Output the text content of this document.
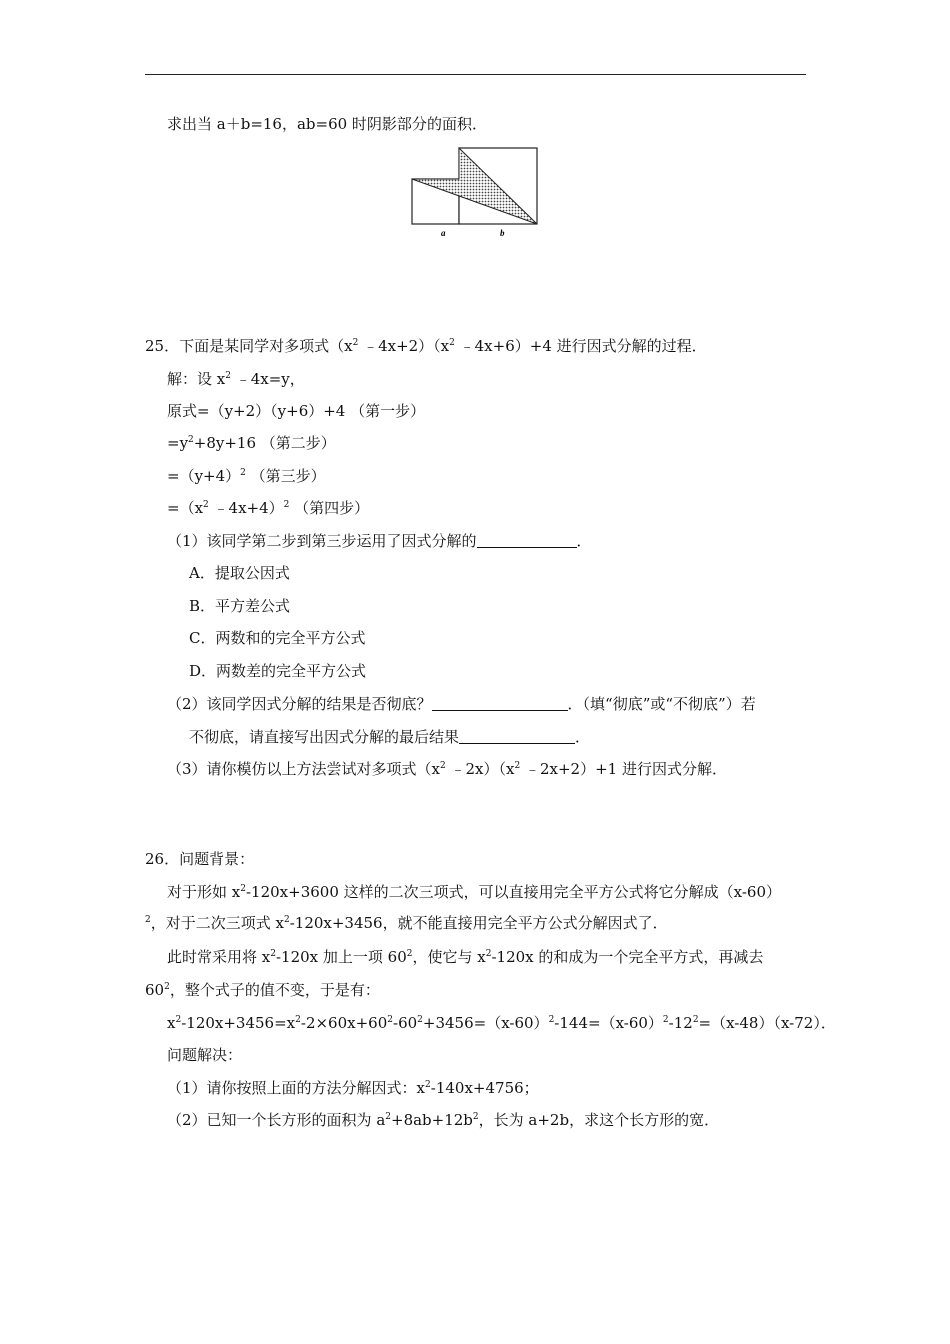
求出当 a＋b=16，ab=60 时阴影部分的面积．
a	b
25．下面是某同学对多项式（$x^2$ $﹣4x+2)(x^2$ ﹣4x+6）+4 进行因式分解的过程．
解：设 $x^2$ ﹣4x=y，
原式=（y+2）（y+6）+4 （第一步）
$=y^2+8y+16$ （第二步）
$=(y+4)^2$ （第三步）
$=(x^2$ ﹣4x+4）$^2$ （第四步）
（1）该同学第二步到第三步运用了因式分解的	．
A．提取公因式
B．平方差公式
C．两数和的完全平方公式
D．两数差的完全平方公式
（2）该同学因式分解的结果是否彻底？	．（填“彻底”或“不彻底”）若
不彻底，请直接写出因式分解的最后结果	．
（3）请你模仿以上方法尝试对多项式（$x^2$ $﹣2x)(x^2$ ﹣2x+2）+1 进行因式分解．
26．问题背景：
对于形如 $x^2-120x+3600$ 这样的二次三项式，可以直接用完全平方公式将它分解成（x-60）
$^2$，对于二次三项式 $x^2-120x+3456$，就不能直接用完全平方公式分解因式了．
此时常采用将 $x^2-120x$ 加上一项 $60^2$，使它与 $x^2-120x$ 的和成为一个完全平方式，再减去
$60^2$，整个式子的值不变，于是有：
$x^2-120x+3456=x^2-2\times 60x+60^2-60^2+3456=(x-60)^2-144=(x-60)^2-12^2=(x-48)(x-72)$．
问题解决：
（1）请你按照上面的方法分解因式：$x^2-140x+4756$；
（2）已知一个长方形的面积为 $a^2+8ab+12b^2$，长为 a+2b，求这个长方形的宽．
